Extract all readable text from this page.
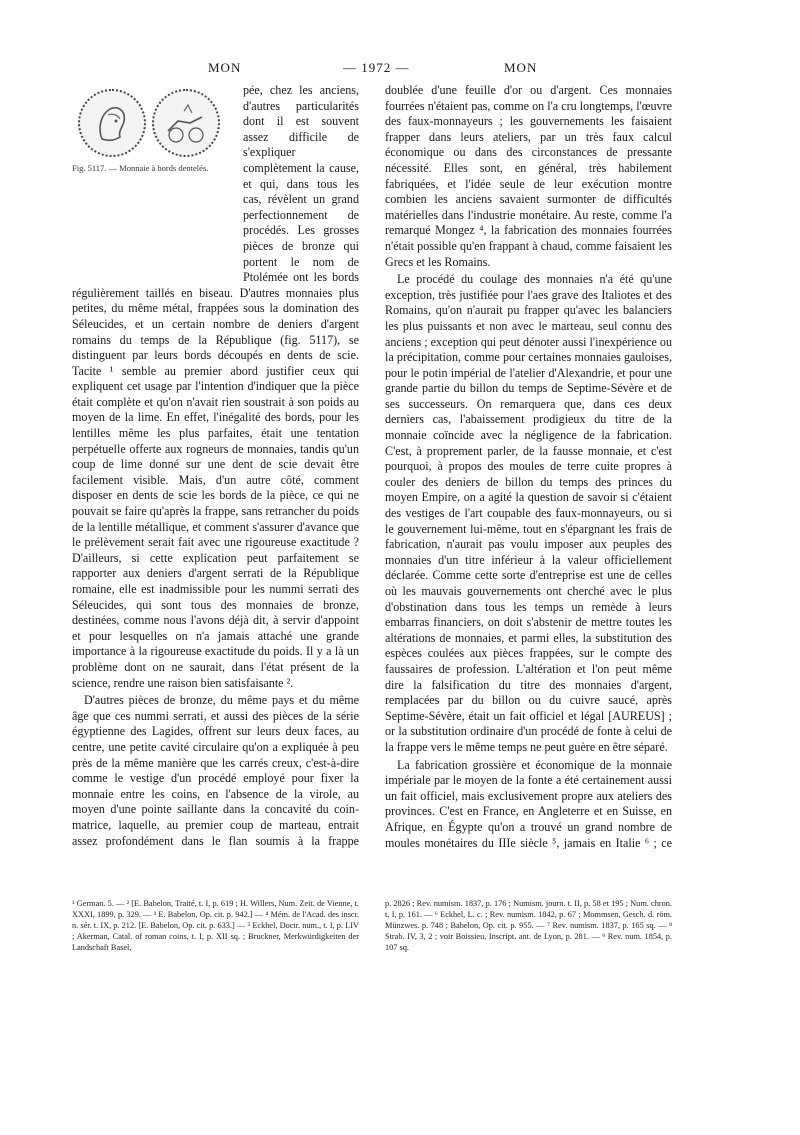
MON	— 1972 —	MON
Fig. 5117. — Monnaie à bords dentelés.

pée, chez les anciens, d'autres particularités dont il est souvent assez difficile de s'expliquer complètement la cause, et qui, dans tous les cas, révèlent un grand perfectionnement de procédés. Les grosses pièces de bronze qui portent le nom de Ptolémée ont les bords régulièrement taillés en biseau. D'autres monnaies plus petites, du même métal, frappées sous la domination des Séleucides, et un certain nombre de deniers d'argent romains du temps de la République (fig. 5117), se distinguent par leurs bords découpés en dents de scie. Tacite ¹ semble au premier abord justifier ceux qui expliquent cet usage par l'intention d'indiquer que la pièce était complète et qu'on n'avait rien soustrait à son poids au moyen de la lime. En effet, l'inégalité des bords, pour les lentilles même les plus parfaites, était une tentation perpétuelle offerte aux rogneurs de monnaies, tandis qu'un coup de lime donné sur une dent de scie devait être facilement visible. Mais, d'un autre côté, comment disposer en dents de scie les bords de la pièce, ce qui ne pouvait se faire qu'après la frappe, sans retrancher du poids de la lentille métallique, et comment s'assurer d'avance que le prélèvement serait fait avec une rigoureuse exactitude ? D'ailleurs, si cette explication peut parfaitement se rapporter aux deniers d'argent serrati de la République romaine, elle est inadmissible pour les nummi serrati des Séleucides, qui sont tous des monnaies de bronze, destinées, comme nous l'avons déjà dit, à servir d'appoint et pour lesquelles on n'a jamais attaché une grande importance à la rigoureuse exactitude du poids. Il y a là un problème dont on ne saurait, dans l'état présent de la science, rendre une raison bien satisfaisante ².

D'autres pièces de bronze, du même pays et du même âge que ces nummi serrati, et aussi des pièces de la série égyptienne des Lagides, offrent sur leurs deux faces, au centre, une petite cavité circulaire qu'on a expliquée à peu près de la même manière que les carrés creux, c'est-à-dire comme le vestige d'un procédé employé pour fixer la monnaie entre les coins, en l'absence de la virole, au moyen d'une pointe saillante dans la concavité du coin-matrice, laquelle, au premier coup de marteau, entrait assez profondément dans le flan soumis à la frappe

doublée d'une feuille d'or ou d'argent. Ces monnaies fourrées n'étaient pas, comme on l'a cru longtemps, l'œuvre des faux-monnayeurs ; les gouvernements les faisaient frapper dans leurs ateliers, par un très faux calcul économique ou dans des circonstances de pressante nécessité. Elles sont, en général, très habilement fabriquées, et l'idée seule de leur exécution montre combien les anciens savaient surmonter de difficultés matérielles dans l'industrie monétaire. Au reste, comme l'a remarqué Mongez ⁴, la fabrication des monnaies fourrées n'était possible qu'en frappant à chaud, comme faisaient les Grecs et les Romains.

Le procédé du coulage des monnaies n'a été qu'une exception, très justifiée pour l'aes grave des Italiotes et des Romains, qu'on n'aurait pu frapper qu'avec les balanciers les plus puissants et non avec le marteau, seul connu des anciens ; exception qui peut dénoter aussi l'inexpérience ou la précipitation, comme pour certaines monnaies gauloises, pour le potin impérial de l'atelier d'Alexandrie, et pour une grande partie du billon du temps de Septime-Sévère et de ses successeurs. On remarquera que, dans ces deux derniers cas, l'abaissement prodigieux du titre de la monnaie coïncide avec la négligence de la fabrication. C'est, à proprement parler, de la fausse monnaie, et c'est pourquoi, à propos des moules de terre cuite propres à couler des deniers de billon du temps des princes du moyen Empire, on a agité la question de savoir si c'étaient des vestiges de l'art coupable des faux-monnayeurs, ou si le gouvernement lui-même, tout en s'épargnant les frais de fabrication, n'aurait pas voulu imposer aux peuples des monnaies d'un titre inférieur à la valeur officiellement déclarée. Comme cette sorte d'entreprise est une de celles où les mauvais gouvernements ont cherché avec le plus d'obstination dans tous les temps un remède à leurs embarras financiers, on doit s'abstenir de mettre toutes les altérations de monnaies, et parmi elles, la substitution des espèces coulées aux pièces frappées, sur le compte des faussaires de profession. L'altération et l'on peut même dire la falsification du titre des monnaies d'argent, remplacées par du billon ou du cuivre saucé, après Septime-Sévère, était un fait officiel et légal [AUREUS] ; or la substitution ordinaire d'un procédé de fonte à celui de la frappe vers le même temps ne peut guère en être séparé.

La fabrication grossière et économique de la monnaie impériale par le moyen de la fonte a été certainement aussi un fait officiel, mais exclusivement propre aux ateliers des provinces. C'est en France, en Angleterre et en Suisse, en Afrique, en Égypte qu'on a trouvé un grand nombre de moules monétaires du IIIe siècle ⁵, jamais en Italie ⁶ ; ce

¹ German. 5. — ² [E. Babelon, Traité, t. I, p. 619 ; H. Willers, Num. Zeit. de Vienne, t. XXXI, 1899, p. 329. — ³ E. Babelon, Op. cit. p. 942.] — ⁴ Mém. de l'Acad. des inscr. n. sér. t. IX, p. 212. [E. Babelon, Op. cit. p. 633.] — ⁵ Eckhel, Doctr. num., t. I, p. LIV ; Akerman, Catal. of roman coins, t. I, p. XII sq. ; Bruckner, Merkwürdigkeiten der Landschaft Basel,
p. 2826 ; Rev. numism. 1837, p. 176 ; Numism. journ. t. II, p. 58 et 195 ; Num. chron. t. I, p. 161. — ⁶ Eckhel, L. c. ; Rev. numism. 1842, p. 67 ; Mommsen, Gesch. d. röm. Münzwes. p. 748 ; Babelon, Op. cit. p. 955. — ⁷ Rev. numism. 1837, p. 165 sq. — ⁸ Strab. IV, 3, 2 ; voir Boissieu, Inscript. ant. de Lyon, p. 281. — ⁹ Rev. num. 1854, p. 107 sq.
